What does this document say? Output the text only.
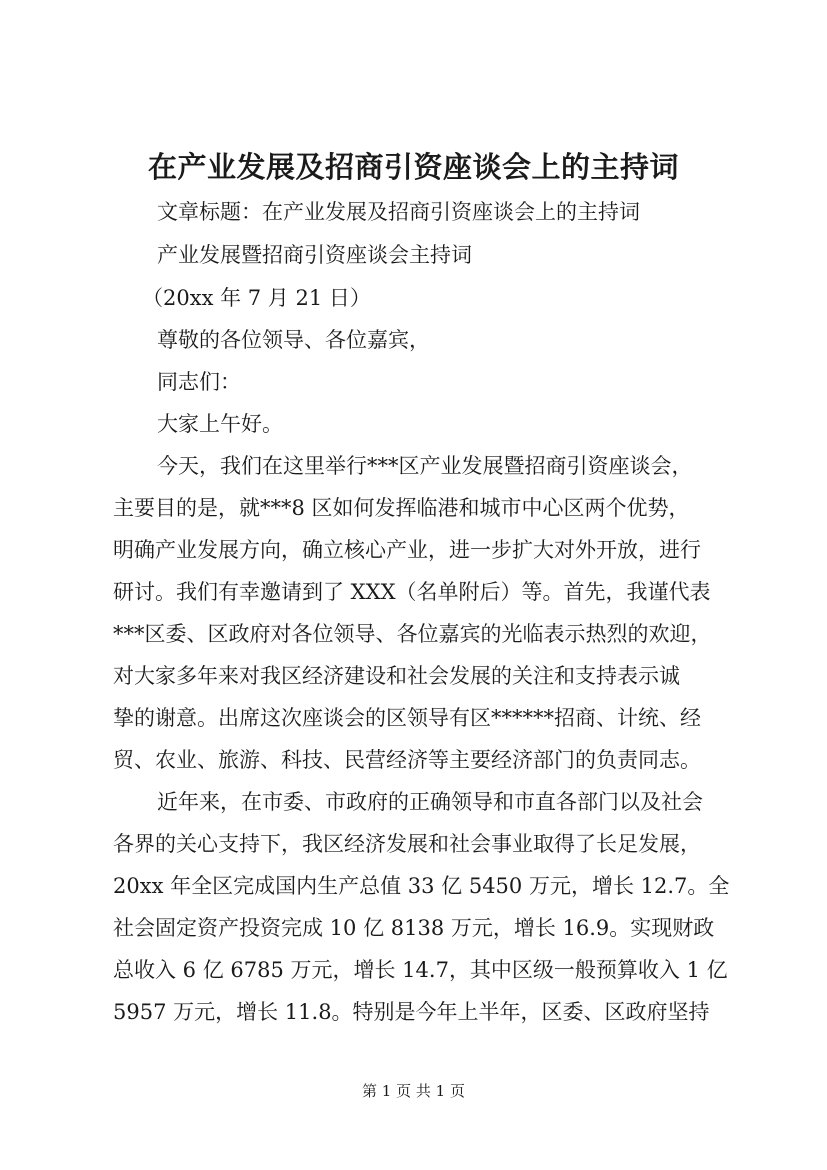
在产业发展及招商引资座谈会上的主持词
文章标题：在产业发展及招商引资座谈会上的主持词
产业发展暨招商引资座谈会主持词
（20xx 年 7 月 21 日）
尊敬的各位领导、各位嘉宾，
同志们：
大家上午好。
今天，我们在这里举行***区产业发展暨招商引资座谈会，
主要目的是，就***8 区如何发挥临港和城市中心区两个优势，
明确产业发展方向，确立核心产业，进一步扩大对外开放，进行
研讨。我们有幸邀请到了 XXX（名单附后）等。首先，我谨代表
***区委、区政府对各位领导、各位嘉宾的光临表示热烈的欢迎，
对大家多年来对我区经济建设和社会发展的关注和支持表示诚
挚的谢意。出席这次座谈会的区领导有区******招商、计统、经
贸、农业、旅游、科技、民营经济等主要经济部门的负责同志。
近年来，在市委、市政府的正确领导和市直各部门以及社会
各界的关心支持下，我区经济发展和社会事业取得了长足发展，
20xx 年全区完成国内生产总值 33 亿 5450 万元，增长 12.7。全
社会固定资产投资完成 10 亿 8138 万元，增长 16.9。实现财政
总收入 6 亿 6785 万元，增长 14.7，其中区级一般预算收入 1 亿
5957 万元，增长 11.8。特别是今年上半年，区委、区政府坚持
第 1 页 共 1 页
